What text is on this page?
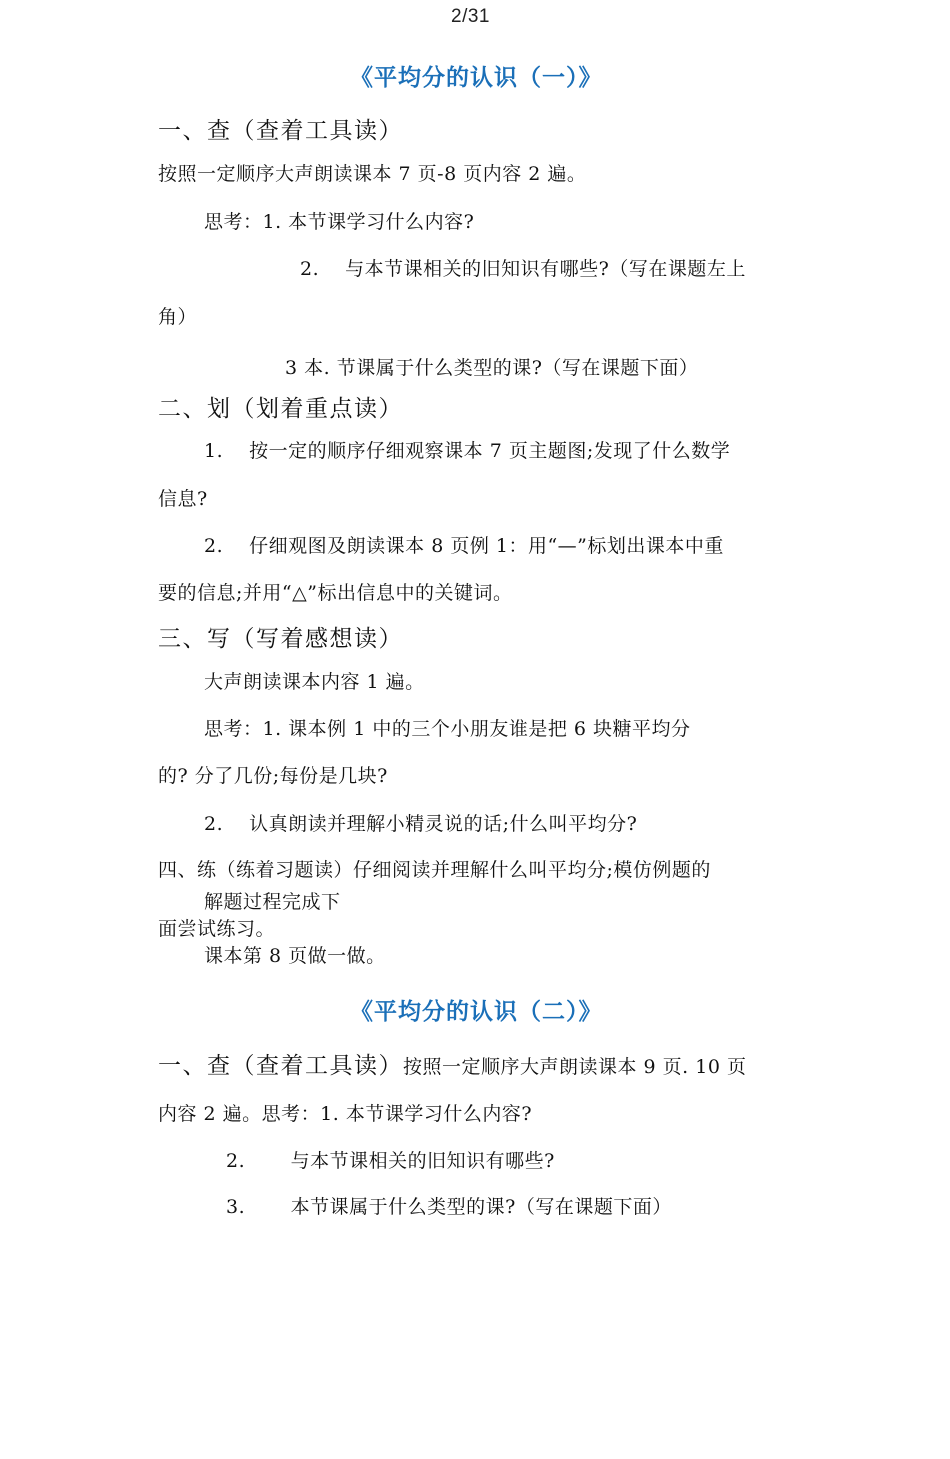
2/31
《平均分的认识（一）》
一、查（查着工具读）
按照一定顺序大声朗读课本 7 页-8 页内容 2 遍。
思考：1. 本节课学习什么内容?
2.　 与本节课相关的旧知识有哪些?（写在课题左上
角）
3 本. 节课属于什么类型的课?（写在课题下面）
二、划（划着重点读）
1.　 按一定的顺序仔细观察课本 7 页主题图;发现了什么数学
信息?
2.　 仔细观图及朗读课本 8 页例 1：用“—”标划出课本中重
要的信息;并用“△”标出信息中的关键词。
三、写（写着感想读）
大声朗读课本内容 1 遍。
思考：1. 课本例 1 中的三个小朋友谁是把 6 块糖平均分
的? 分了几份;每份是几块?
2.　 认真朗读并理解小精灵说的话;什么叫平均分?
四、练（练着习题读）仔细阅读并理解什么叫平均分;模仿例题的
解题过程完成下
面尝试练习。
课本第 8 页做一做。
《平均分的认识（二）》
一、查（查着工具读）按照一定顺序大声朗读课本 9 页. 10 页
内容 2 遍。思考：1. 本节课学习什么内容?
2.　　 与本节课相关的旧知识有哪些?
3.　　 本节课属于什么类型的课?（写在课题下面）
